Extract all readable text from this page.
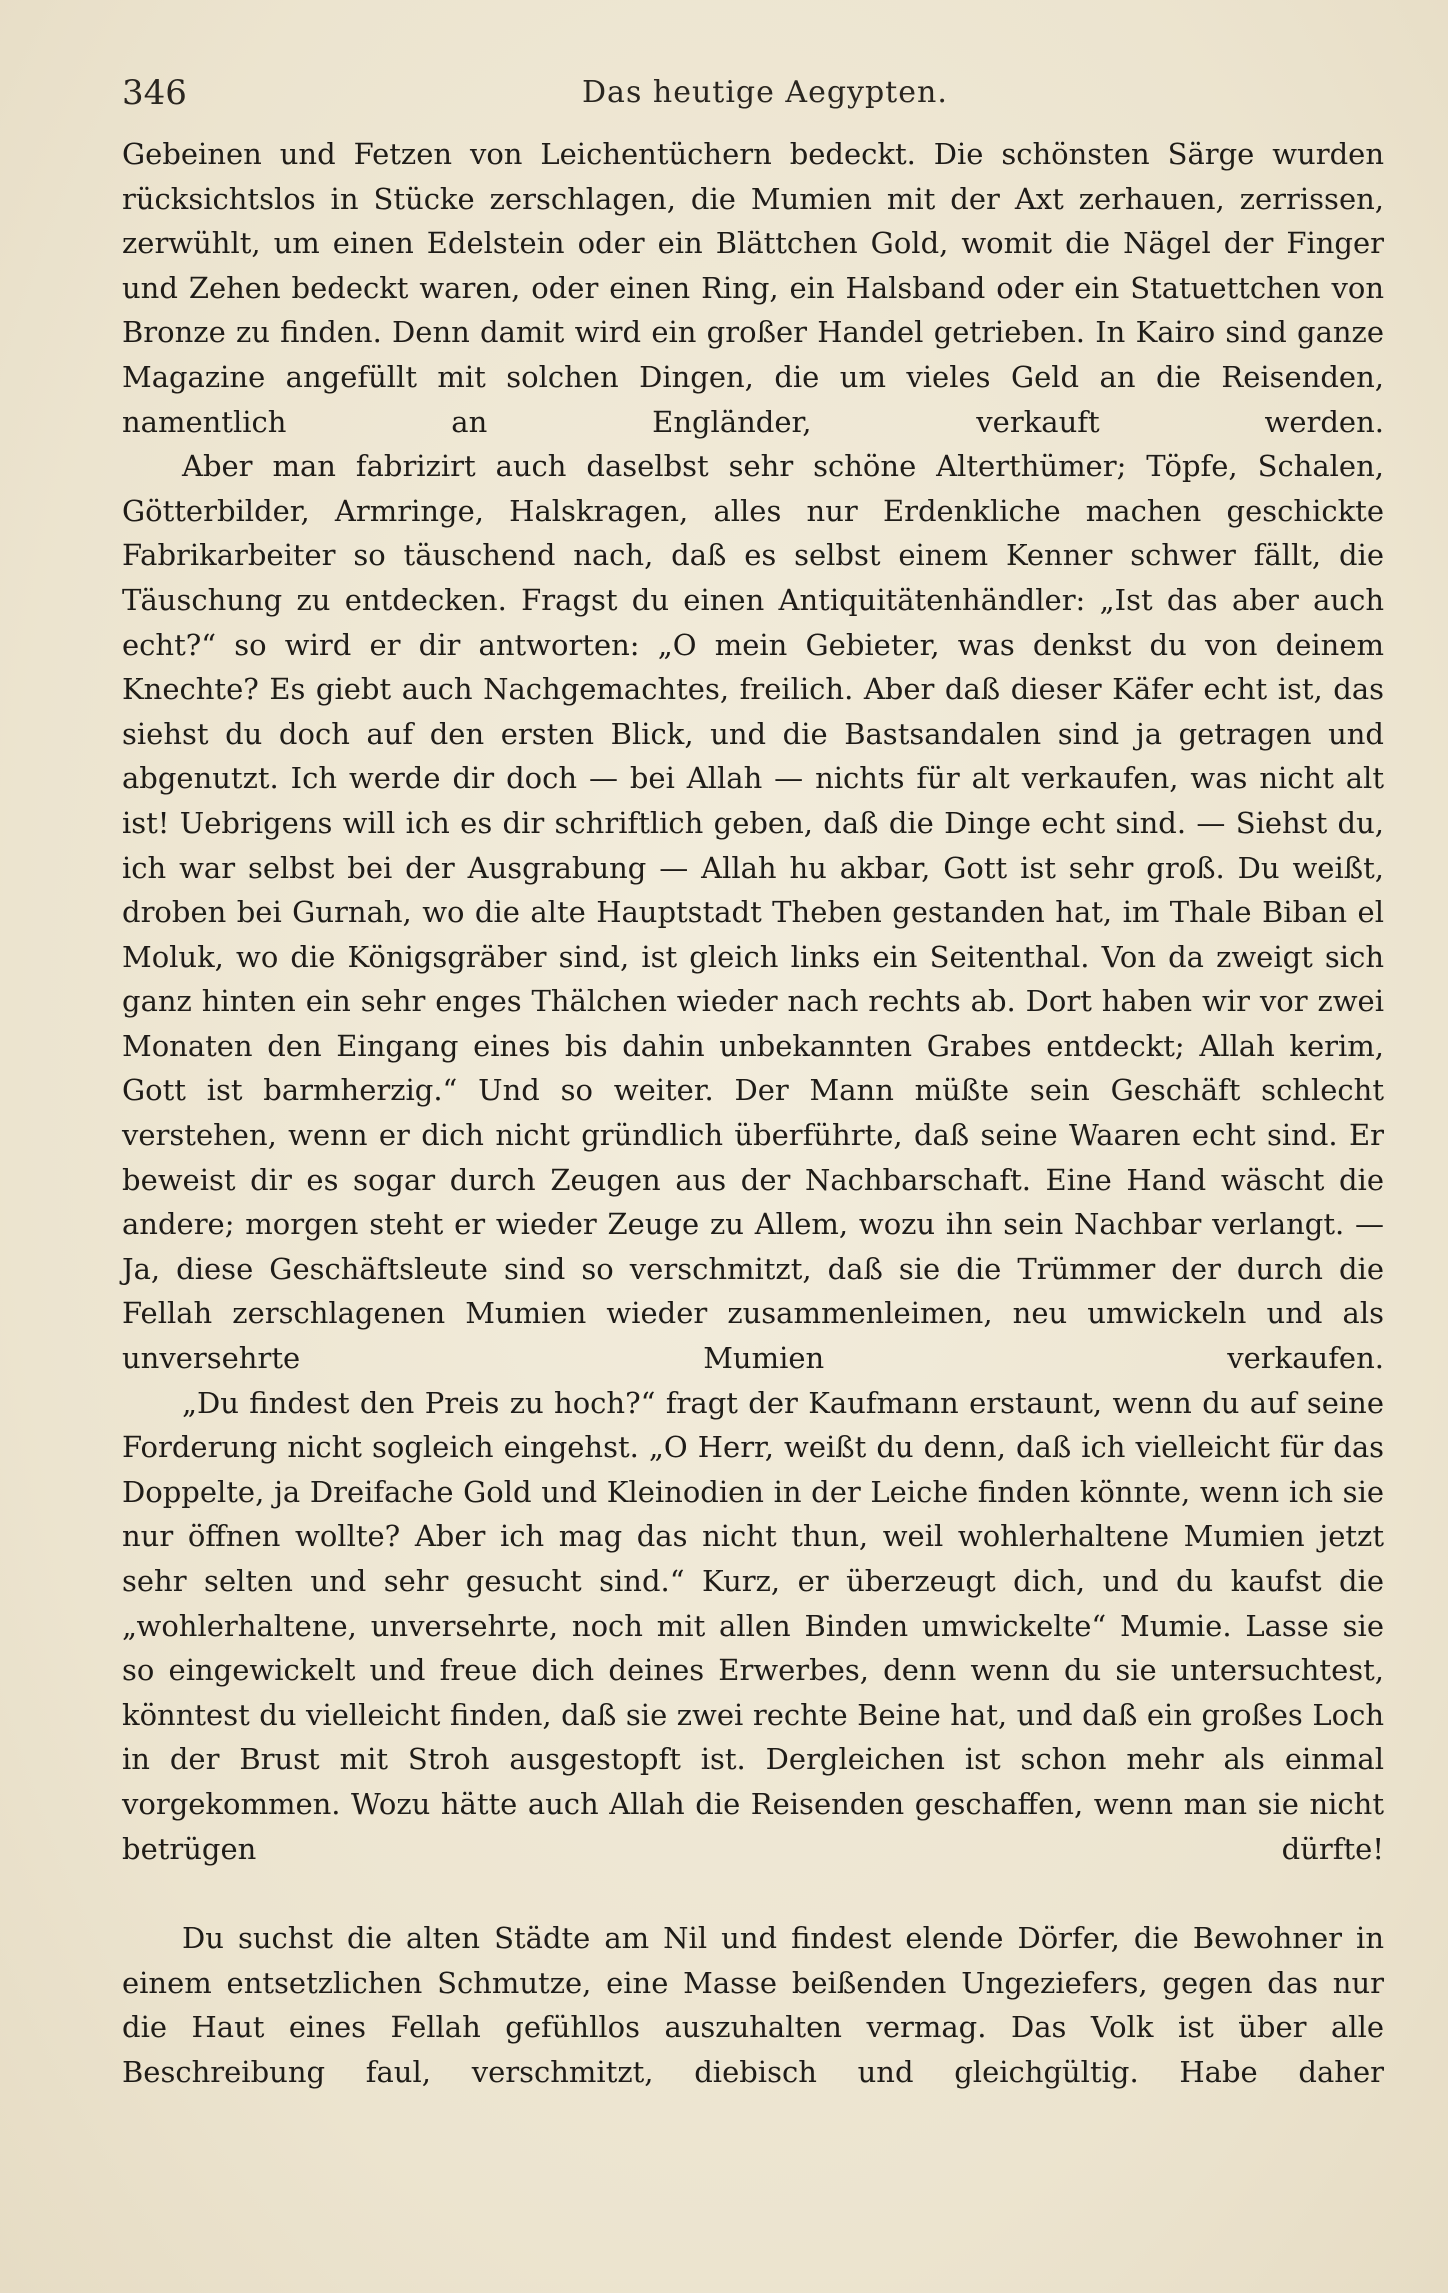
346	Das heutige Aegypten.

Gebeinen und Fetzen von Leichentüchern bedeckt. Die schönsten Särge wurden rücksichtslos in Stücke zerschlagen, die Mumien mit der Axt zerhauen, zerrissen, zerwühlt, um einen Edelstein oder ein Blättchen Gold, womit die Nägel der Finger und Zehen bedeckt waren, oder einen Ring, ein Halsband oder ein Statuettchen von Bronze zu finden. Denn damit wird ein großer Handel getrieben. In Kairo sind ganze Magazine angefüllt mit solchen Dingen, die um vieles Geld an die Reisenden, namentlich an Engländer, verkauft werden.

Aber man fabrizirt auch daselbst sehr schöne Alterthümer; Töpfe, Schalen, Götterbilder, Armringe, Halskragen, alles nur Erdenkliche machen geschickte Fabrikarbeiter so täuschend nach, daß es selbst einem Kenner schwer fällt, die Täuschung zu entdecken. Fragst du einen Antiquitätenhändler: „Ist das aber auch echt?“ so wird er dir antworten: „O mein Gebieter, was denkst du von deinem Knechte? Es giebt auch Nachgemachtes, freilich. Aber daß dieser Käfer echt ist, das siehst du doch auf den ersten Blick, und die Bastsandalen sind ja getragen und abgenutzt. Ich werde dir doch — bei Allah — nichts für alt verkaufen, was nicht alt ist! Uebrigens will ich es dir schriftlich geben, daß die Dinge echt sind. — Siehst du, ich war selbst bei der Ausgrabung — Allah hu akbar, Gott ist sehr groß. Du weißt, droben bei Gurnah, wo die alte Hauptstadt Theben gestanden hat, im Thale Biban el Moluk, wo die Königsgräber sind, ist gleich links ein Seitenthal. Von da zweigt sich ganz hinten ein sehr enges Thälchen wieder nach rechts ab. Dort haben wir vor zwei Monaten den Eingang eines bis dahin unbekannten Grabes entdeckt; Allah kerim, Gott ist barmherzig.“ Und so weiter. Der Mann müßte sein Geschäft schlecht verstehen, wenn er dich nicht gründlich überführte, daß seine Waaren echt sind. Er beweist dir es sogar durch Zeugen aus der Nachbarschaft. Eine Hand wäscht die andere; morgen steht er wieder Zeuge zu Allem, wozu ihn sein Nachbar verlangt. — Ja, diese Geschäftsleute sind so verschmitzt, daß sie die Trümmer der durch die Fellah zerschlagenen Mumien wieder zusammenleimen, neu umwickeln und als unversehrte Mumien verkaufen.

„Du findest den Preis zu hoch?“ fragt der Kaufmann erstaunt, wenn du auf seine Forderung nicht sogleich eingehst. „O Herr, weißt du denn, daß ich vielleicht für das Doppelte, ja Dreifache Gold und Kleinodien in der Leiche finden könnte, wenn ich sie nur öffnen wollte? Aber ich mag das nicht thun, weil wohlerhaltene Mumien jetzt sehr selten und sehr gesucht sind.“ Kurz, er überzeugt dich, und du kaufst die „wohlerhaltene, unversehrte, noch mit allen Binden umwickelte“ Mumie. Lasse sie so eingewickelt und freue dich deines Erwerbes, denn wenn du sie untersuchtest, könntest du vielleicht finden, daß sie zwei rechte Beine hat, und daß ein großes Loch in der Brust mit Stroh ausgestopft ist. Dergleichen ist schon mehr als einmal vorgekommen. Wozu hätte auch Allah die Reisenden geschaffen, wenn man sie nicht betrügen dürfte!

Du suchst die alten Städte am Nil und findest elende Dörfer, die Bewohner in einem entsetzlichen Schmutze, eine Masse beißenden Ungeziefers, gegen das nur die Haut eines Fellah gefühllos auszuhalten vermag. Das Volk ist über alle Beschreibung faul, verschmitzt, diebisch und gleichgültig. Habe daher
